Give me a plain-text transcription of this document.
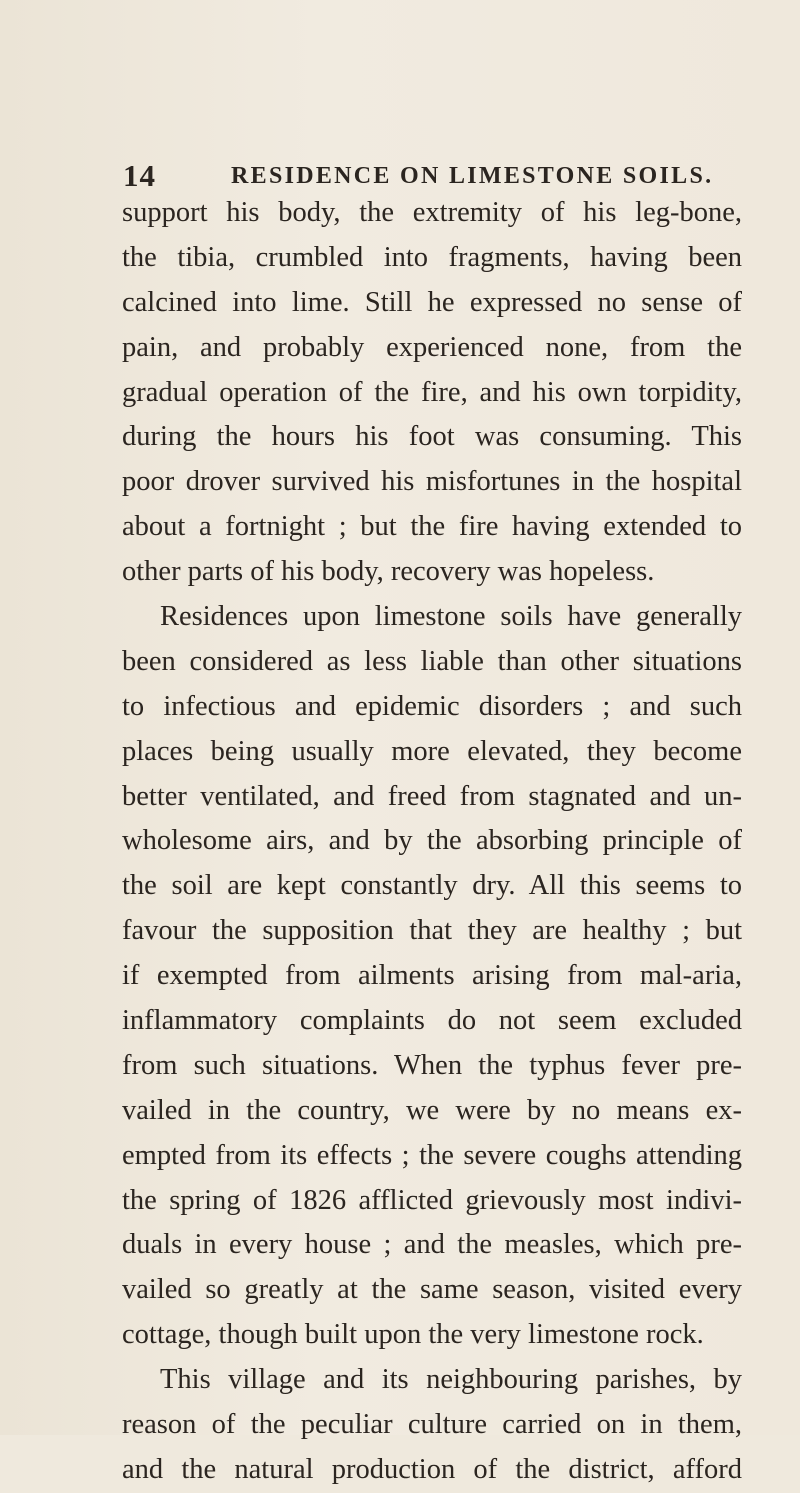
14	RESIDENCE ON LIMESTONE SOILS.
support his body, the extremity of his leg-bone,
the tibia, crumbled into fragments, having been
calcined into lime. Still he expressed no sense of
pain, and probably experienced none, from the
gradual operation of the fire, and his own torpidity,
during the hours his foot was consuming. This
poor drover survived his misfortunes in the hospital
about a fortnight ; but the fire having extended to
other parts of his body, recovery was hopeless.
Residences upon limestone soils have generally
been considered as less liable than other situations
to infectious and epidemic disorders ; and such
places being usually more elevated, they become
better ventilated, and freed from stagnated and un-
wholesome airs, and by the absorbing principle of
the soil are kept constantly dry. All this seems to
favour the supposition that they are healthy ; but
if exempted from ailments arising from mal-aria,
inflammatory complaints do not seem excluded
from such situations. When the typhus fever pre-
vailed in the country, we were by no means ex-
empted from its effects ; the severe coughs attending
the spring of 1826 afflicted grievously most indivi-
duals in every house ; and the measles, which pre-
vailed so greatly at the same season, visited every
cottage, though built upon the very limestone rock.
This village and its neighbouring parishes, by
reason of the peculiar culture carried on in them,
and the natural production of the district, afford
